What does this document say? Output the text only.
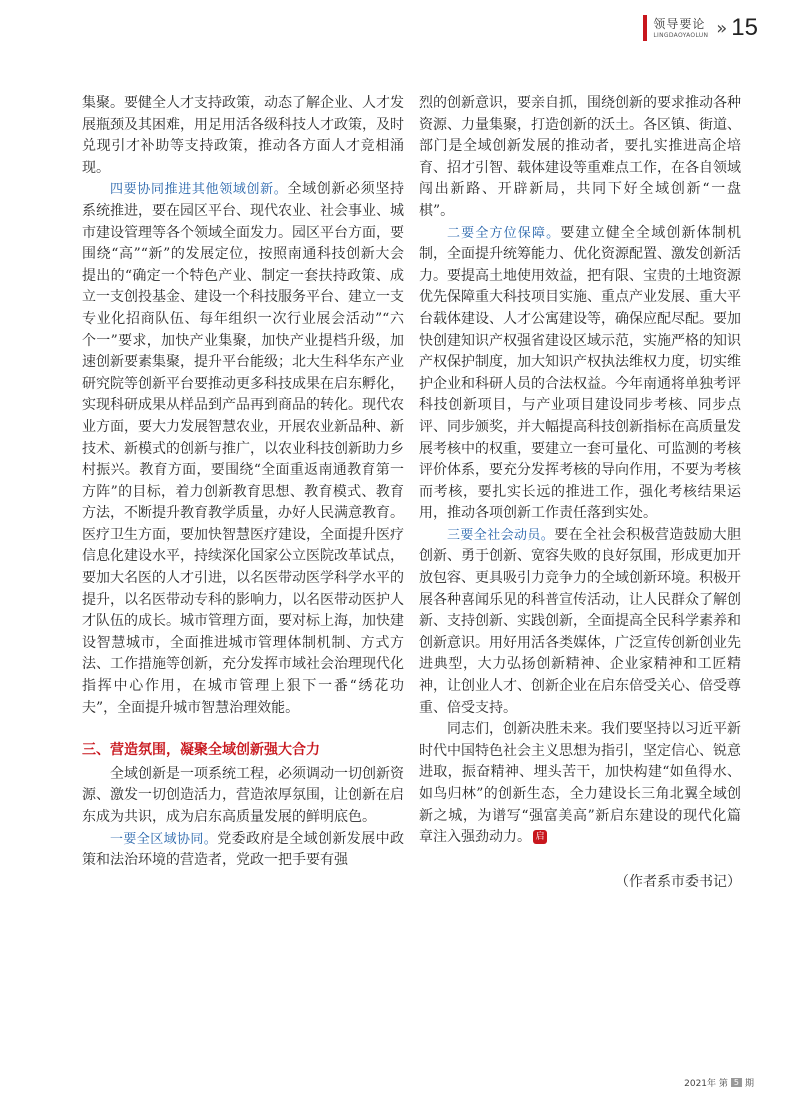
领导要论
LINGDAOYAOLUN » 15

集聚。要健全人才支持政策，动态了解企业、人才发展瓶颈及其困难，用足用活各级科技人才政策，及时兑现引才补助等支持政策，推动各方面人才竞相涌现。

四要协同推进其他领域创新。全域创新必须坚持系统推进，要在园区平台、现代农业、社会事业、城市建设管理等各个领域全面发力。园区平台方面，要围绕“高”“新”的发展定位，按照南通科技创新大会提出的“确定一个特色产业、制定一套扶持政策、成立一支创投基金、建设一个科技服务平台、建立一支专业化招商队伍、每年组织一次行业展会活动”“六个一”要求，加快产业集聚，加快产业提档升级，加速创新要素集聚，提升平台能级；北大生科华东产业研究院等创新平台要推动更多科技成果在启东孵化，实现科研成果从样品到产品再到商品的转化。现代农业方面，要大力发展智慧农业，开展农业新品种、新技术、新模式的创新与推广，以农业科技创新助力乡村振兴。教育方面，要围绕“全面重返南通教育第一方阵”的目标，着力创新教育思想、教育模式、教育方法，不断提升教育教学质量，办好人民满意教育。医疗卫生方面，要加快智慧医疗建设，全面提升医疗信息化建设水平，持续深化国家公立医院改革试点，要加大名医的人才引进，以名医带动医学科学水平的提升，以名医带动专科的影响力，以名医带动医护人才队伍的成长。城市管理方面，要对标上海，加快建设智慧城市，全面推进城市管理体制机制、方式方法、工作措施等创新，充分发挥市域社会治理现代化指挥中心作用，在城市管理上狠下一番“绣花功夫”，全面提升城市智慧治理效能。

三、营造氛围，凝聚全域创新强大合力

全域创新是一项系统工程，必须调动一切创新资源、激发一切创造活力，营造浓厚氛围，让创新在启东成为共识，成为启东高质量发展的鲜明底色。

一要全区域协同。党委政府是全域创新发展中政策和法治环境的营造者，党政一把手要有强

烈的创新意识，要亲自抓，围绕创新的要求推动各种资源、力量集聚，打造创新的沃土。各区镇、街道、部门是全域创新发展的推动者，要扎实推进高企培育、招才引智、载体建设等重难点工作，在各自领域闯出新路、开辟新局，共同下好全域创新“一盘棋”。

二要全方位保障。要建立健全全域创新体制机制，全面提升统筹能力、优化资源配置、激发创新活力。要提高土地使用效益，把有限、宝贵的土地资源优先保障重大科技项目实施、重点产业发展、重大平台载体建设、人才公寓建设等，确保应配尽配。要加快创建知识产权强省建设区域示范，实施严格的知识产权保护制度，加大知识产权执法维权力度，切实维护企业和科研人员的合法权益。今年南通将单独考评科技创新项目，与产业项目建设同步考核、同步点评、同步颁奖，并大幅提高科技创新指标在高质量发展考核中的权重，要建立一套可量化、可监测的考核评价体系，要充分发挥考核的导向作用，不要为考核而考核，要扎实长远的推进工作，强化考核结果运用，推动各项创新工作责任落到实处。

三要全社会动员。要在全社会积极营造鼓励大胆创新、勇于创新、宽容失败的良好氛围，形成更加开放包容、更具吸引力竞争力的全域创新环境。积极开展各种喜闻乐见的科普宣传活动，让人民群众了解创新、支持创新、实践创新，全面提高全民科学素养和创新意识。用好用活各类媒体，广泛宣传创新创业先进典型，大力弘扬创新精神、企业家精神和工匠精神，让创业人才、创新企业在启东倍受关心、倍受尊重、倍受支持。

同志们，创新决胜未来。我们要坚持以习近平新时代中国特色社会主义思想为指引，坚定信心、锐意进取，振奋精神、埋头苦干，加快构建“如鱼得水、如鸟归林”的创新生态，全力建设长三角北翼全域创新之城，为谱写“强富美高”新启东建设的现代化篇章注入强劲动力。 启

（作者系市委书记）

2021年 第 5 期
